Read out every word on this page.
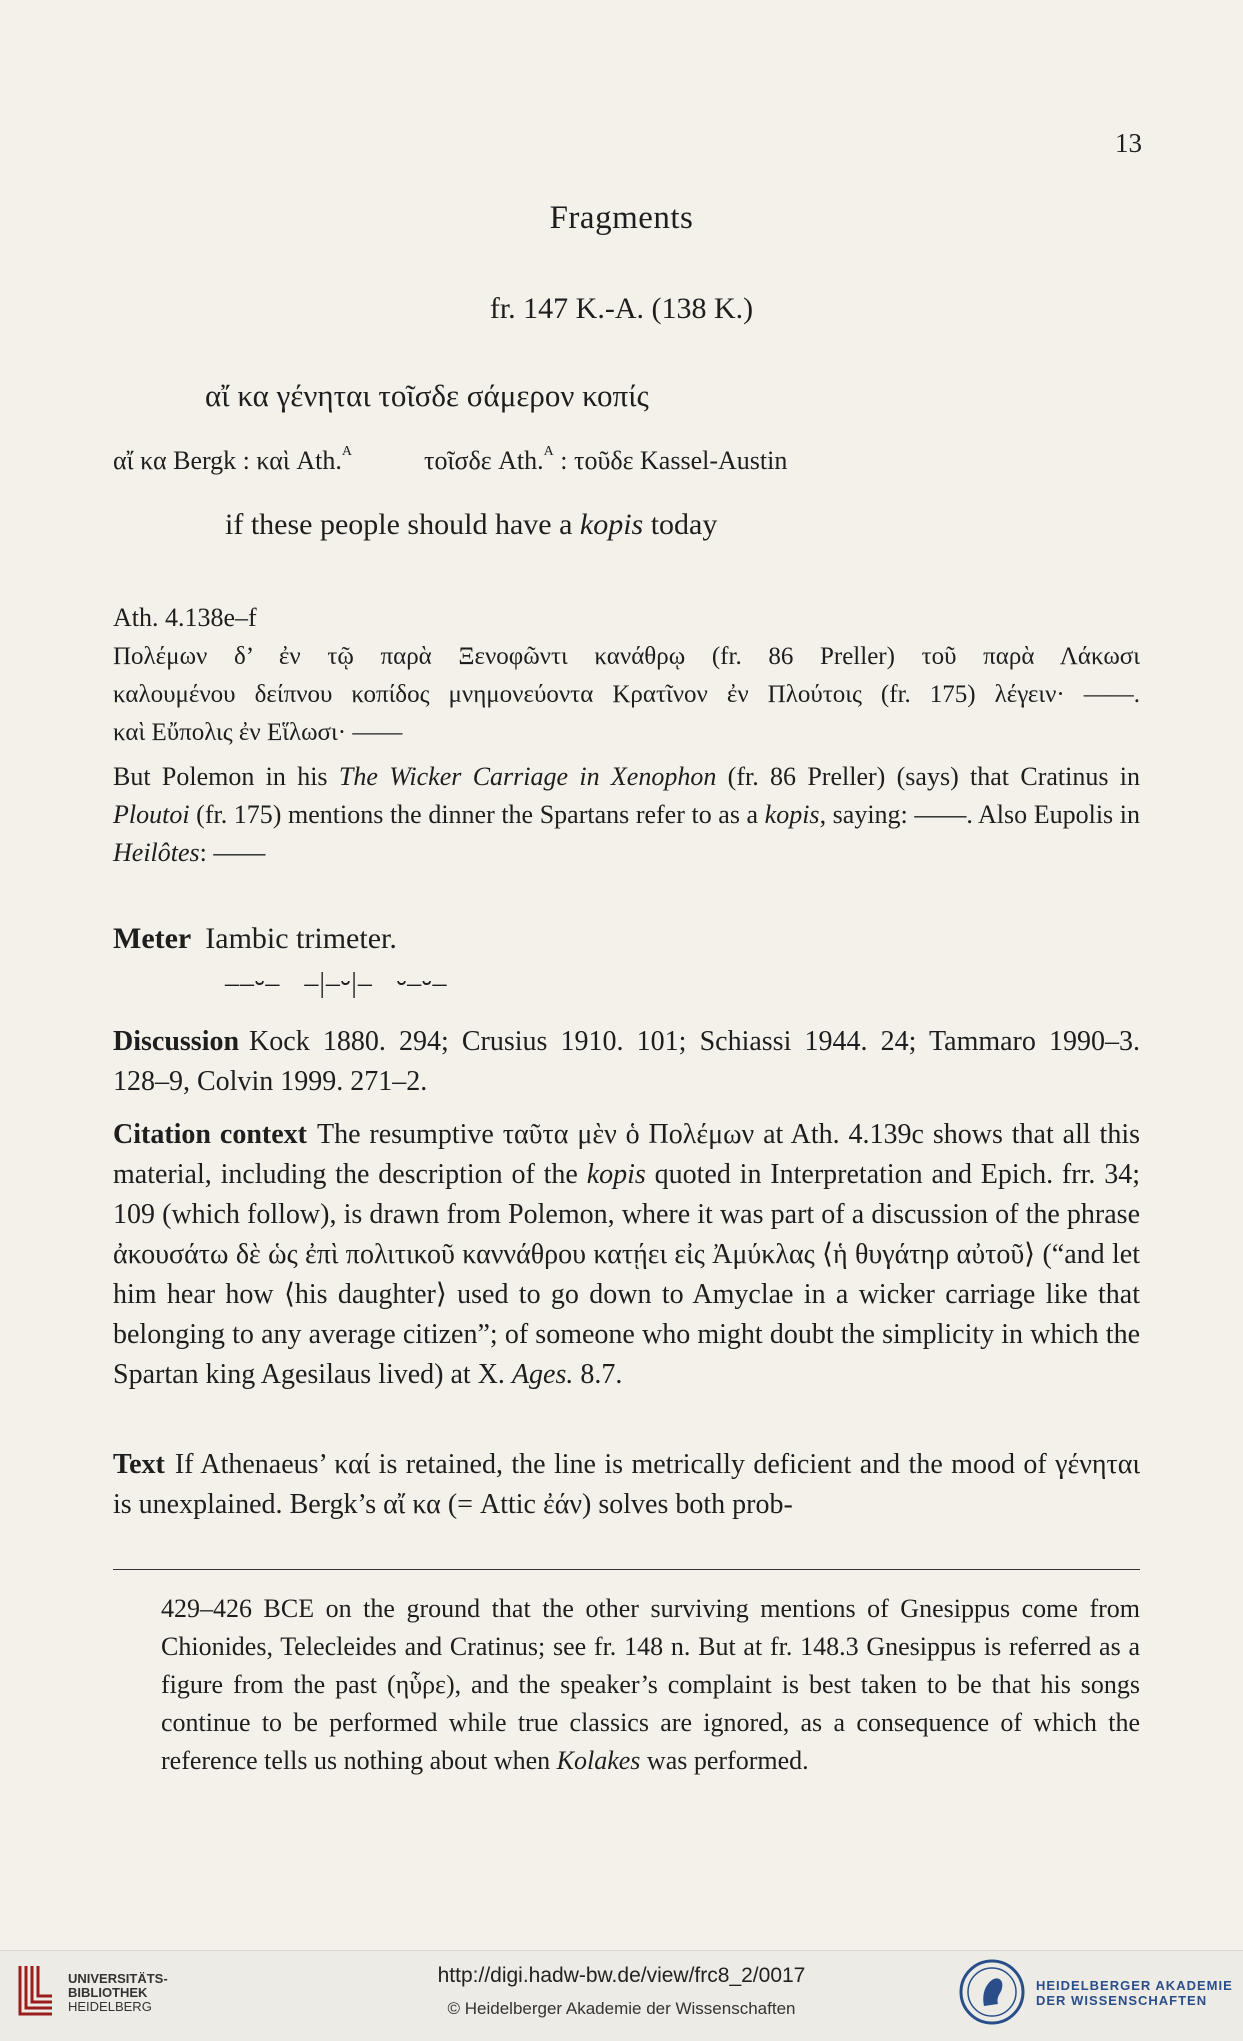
13
Fragments
fr. 147 K.-A. (138 K.)
αἴ κα γένηται τοῖσδε σάμερον κοπίς
αἴ κα Bergk : καὶ Ath.$^A$	τοῖσδε Ath.$^A$ : τοῦδε Kassel-Austin
if these people should have a kopis today
Ath. 4.138e–f

Πολέμων δ’ ἐν τῷ παρὰ Ξενοφῶντι κανάθρῳ (fr. 86 Preller) τοῦ παρὰ Λάκωσι

καλουμένου δείπνου κοπίδος μνημονεύοντα Κρατῖνον ἐν Πλούτοις (fr. 175) λέγειν· ——.

καὶ Εὔπολις ἐν Εἵλωσι· ——

But Polemon in his The Wicker Carriage in Xenophon (fr. 86 Preller) (says) that Cratinus in Ploutoi (fr. 175) mentions the dinner the Spartans refer to as a kopis, saying: ——. Also Eupolis in Heilôtes: ——
Meter Iambic trimeter.
––⏑–   –|–⏑|–   ⏑–⏑–
Discussion Kock 1880. 294; Crusius 1910. 101; Schiassi 1944. 24; Tammaro 1990–3. 128–9, Colvin 1999. 271–2.
Citation context The resumptive ταῦτα μὲν ὁ Πολέμων at Ath. 4.139c shows that all this material, including the description of the kopis quoted in Interpretation and Epich. frr. 34; 109 (which follow), is drawn from Polemon, where it was part of a discussion of the phrase ἀκουσάτω δὲ ὡς ἐπὶ πολιτικοῦ καννάθρου κατῄει εἰς Ἀμύκλας ⟨ἡ θυγάτηρ αὐτοῦ⟩ (“and let him hear how ⟨his daughter⟩ used to go down to Amyclae in a wicker carriage like that belonging to any average citizen”; of someone who might doubt the simplicity in which the Spartan king Agesilaus lived) at X. Ages. 8.7.
Text If Athenaeus’ καί is retained, the line is metrically deficient and the mood of γένηται is unexplained. Bergk’s αἴ κα (= Attic ἐάν) solves both prob-
429–426 BCE on the ground that the other surviving mentions of Gnesippus come from Chionides, Telecleides and Cratinus; see fr. 148 n. But at fr. 148.3 Gnesippus is referred as a figure from the past (ηὗρε), and the speaker’s complaint is best taken to be that his songs continue to be performed while true classics are ignored, as a consequence of which the reference tells us nothing about when Kolakes was performed.
UNIVERSITÄTS-
BIBLIOTHEK
HEIDELBERG
http://digi.hadw-bw.de/view/frc8_2/0017
© Heidelberger Akademie der Wissenschaften
HEIDELBERGER AKADEMIE
DER WISSENSCHAFTEN
